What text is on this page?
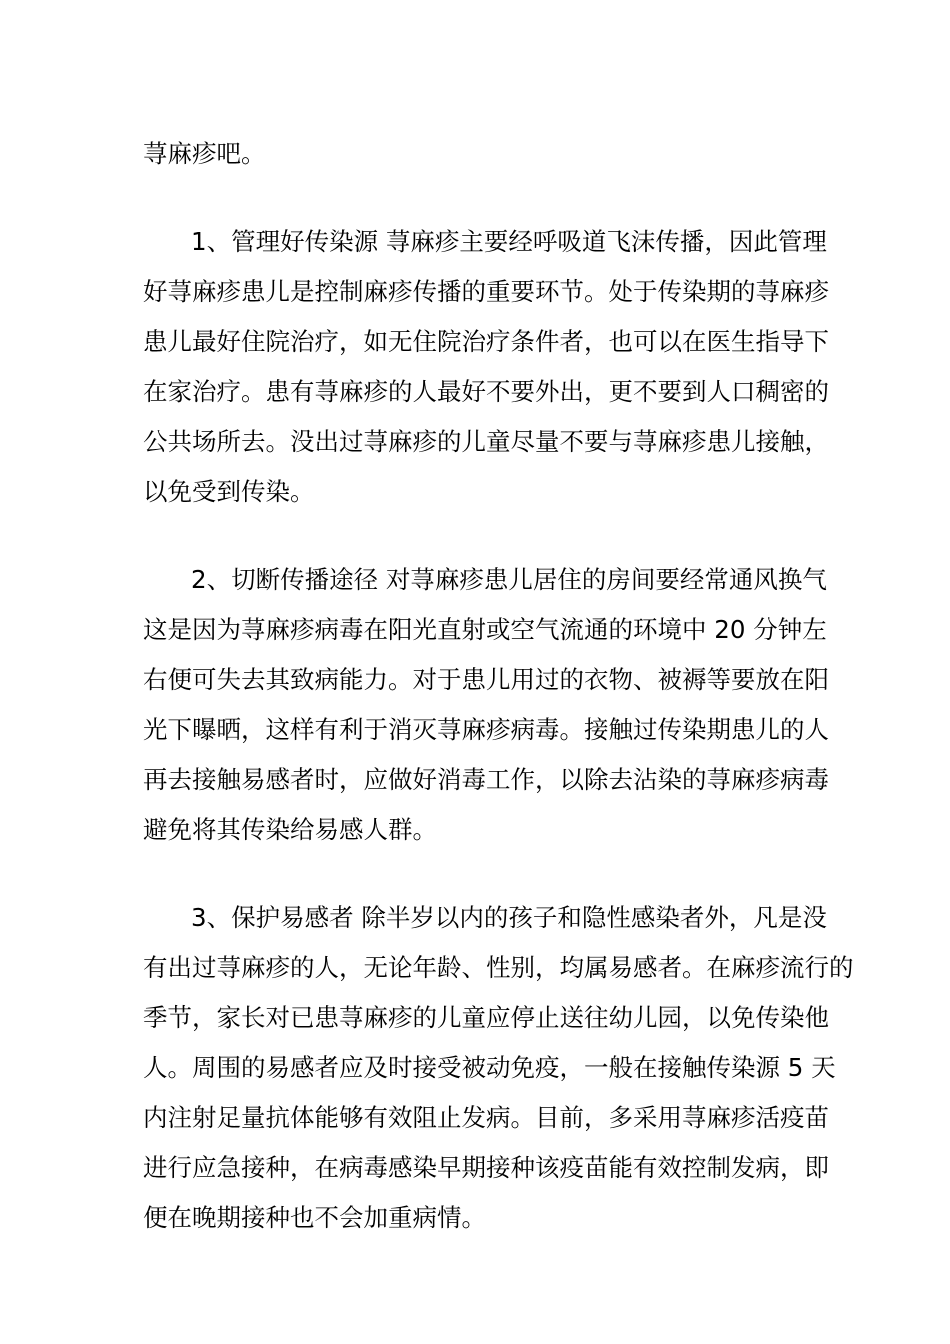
荨麻疹吧。
1、管理好传染源 荨麻疹主要经呼吸道飞沫传播，因此管理
好荨麻疹患儿是控制麻疹传播的重要环节。处于传染期的荨麻疹
患儿最好住院治疗，如无住院治疗条件者，也可以在医生指导下
在家治疗。患有荨麻疹的人最好不要外出，更不要到人口稠密的
公共场所去。没出过荨麻疹的儿童尽量不要与荨麻疹患儿接触，
以免受到传染。
2、切断传播途径 对荨麻疹患儿居住的房间要经常通风换气
这是因为荨麻疹病毒在阳光直射或空气流通的环境中 20 分钟左
右便可失去其致病能力。对于患儿用过的衣物、被褥等要放在阳
光下曝晒，这样有利于消灭荨麻疹病毒。接触过传染期患儿的人
再去接触易感者时，应做好消毒工作，以除去沾染的荨麻疹病毒
避免将其传染给易感人群。
3、保护易感者 除半岁以内的孩子和隐性感染者外，凡是没
有出过荨麻疹的人，无论年龄、性别，均属易感者。在麻疹流行的
季节，家长对已患荨麻疹的儿童应停止送往幼儿园，以免传染他
人。周围的易感者应及时接受被动免疫，一般在接触传染源 5 天
内注射足量抗体能够有效阻止发病。目前，多采用荨麻疹活疫苗
进行应急接种，在病毒感染早期接种该疫苗能有效控制发病，即
便在晚期接种也不会加重病情。
